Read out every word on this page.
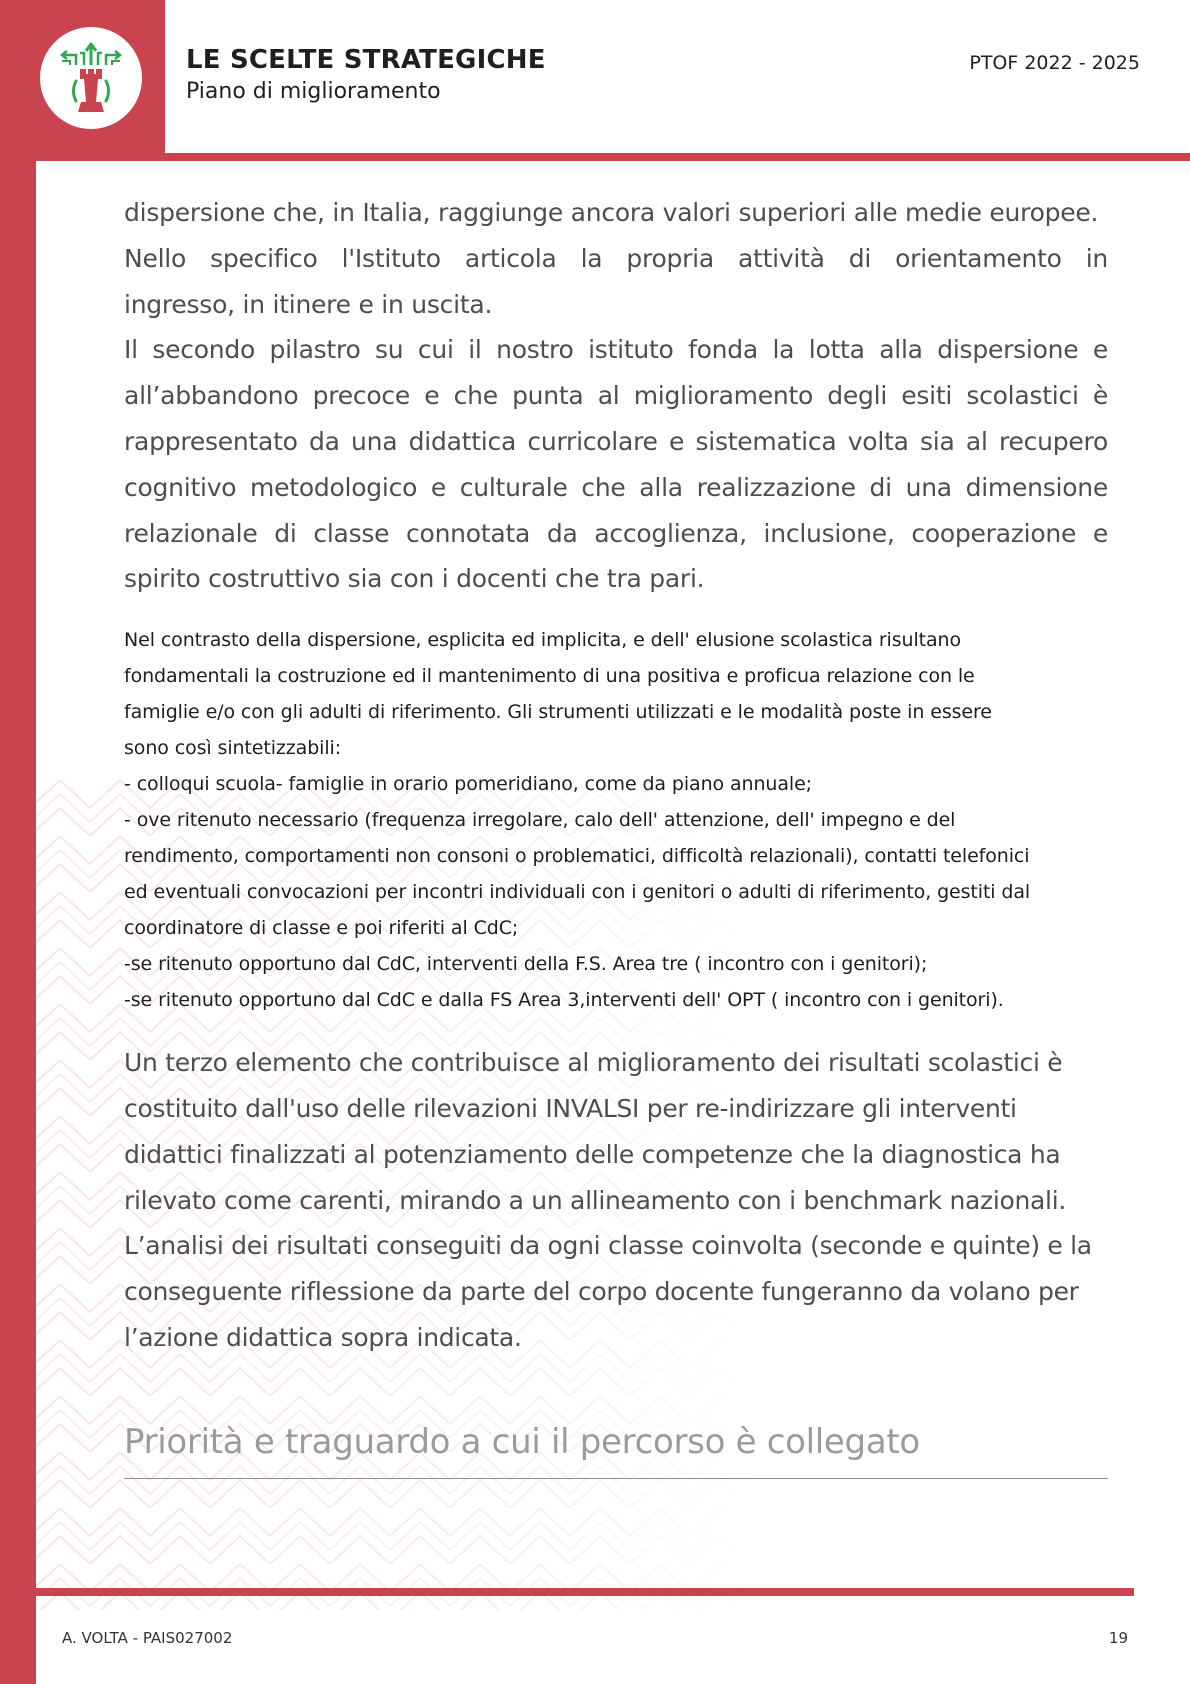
LE SCELTE STRATEGICHE
Piano di miglioramento
PTOF 2022 - 2025
dispersione che, in Italia, raggiunge ancora valori superiori alle medie europee.
Nello specifico l'Istituto articola la propria attività di orientamento in
ingresso, in itinere e in uscita.
Il secondo pilastro su cui il nostro istituto fonda la lotta alla dispersione e
all’abbandono precoce e che punta al miglioramento degli esiti scolastici è
rappresentato da una didattica curricolare e sistematica volta sia al recupero
cognitivo metodologico e culturale che alla realizzazione di una dimensione
relazionale di classe connotata da accoglienza, inclusione, cooperazione e
spirito costruttivo sia con i docenti che tra pari.
Nel contrasto della dispersione, esplicita ed implicita, e dell' elusione scolastica risultano
fondamentali la costruzione ed il mantenimento di una positiva e proficua relazione con le
famiglie e/o con gli adulti di riferimento. Gli strumenti utilizzati e le modalità poste in essere
sono così sintetizzabili:
- colloqui scuola- famiglie in orario pomeridiano, come da piano annuale;
- ove ritenuto necessario (frequenza irregolare, calo dell' attenzione, dell' impegno e del
rendimento, comportamenti non consoni o problematici, difficoltà relazionali), contatti telefonici
ed eventuali convocazioni per incontri individuali con i genitori o adulti di riferimento, gestiti dal
coordinatore di classe e poi riferiti al CdC;
-se ritenuto opportuno dal CdC, interventi della F.S. Area tre ( incontro con i genitori);
-se ritenuto opportuno dal CdC e dalla FS Area 3,interventi dell' OPT ( incontro con i genitori).
Un terzo elemento che contribuisce al miglioramento dei risultati scolastici è
costituito dall'uso delle rilevazioni INVALSI per re-indirizzare gli interventi
didattici finalizzati al potenziamento delle competenze che la diagnostica ha
rilevato come carenti, mirando a un allineamento con i benchmark nazionali.
L’analisi dei risultati conseguiti da ogni classe coinvolta (seconde e quinte) e la
conseguente riflessione da parte del corpo docente fungeranno da volano per
l’azione didattica sopra indicata.
Priorità e traguardo a cui il percorso è collegato
A. VOLTA - PAIS027002	19
